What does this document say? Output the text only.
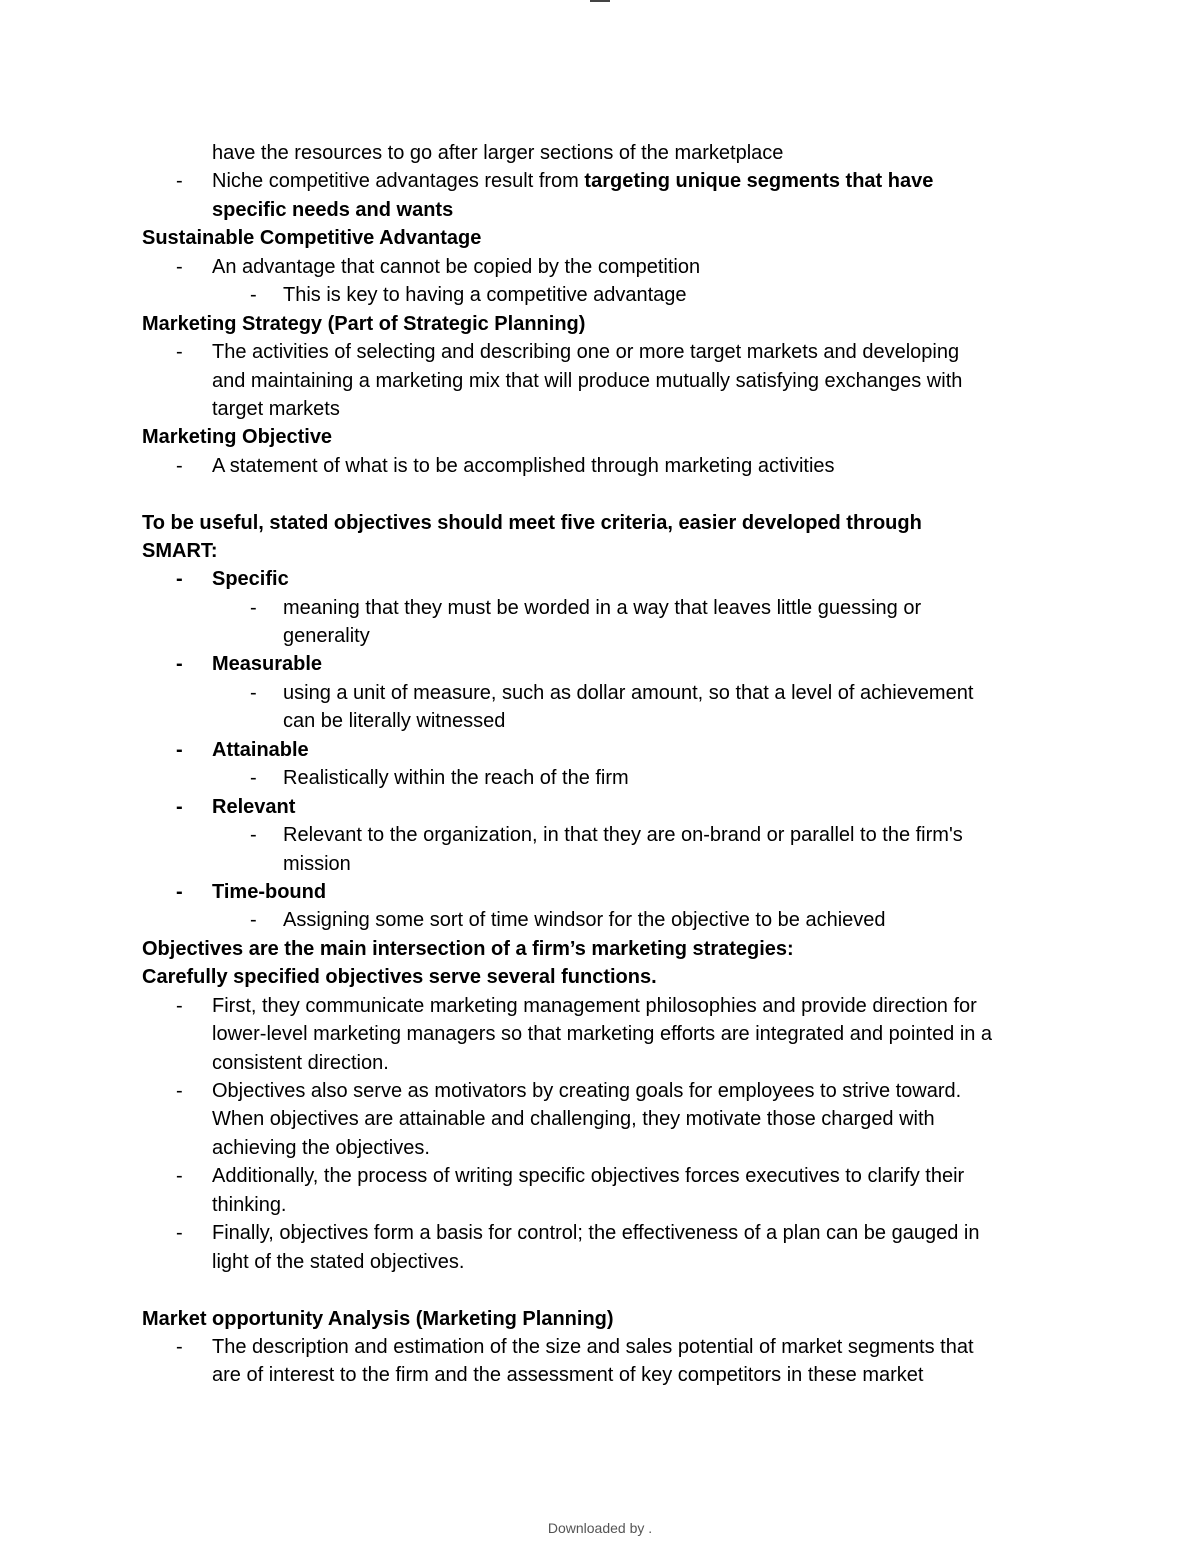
have the resources to go after larger sections of the marketplace
- Niche competitive advantages result from targeting unique segments that have
specific needs and wants
Sustainable Competitive Advantage
- An advantage that cannot be copied by the competition
- This is key to having a competitive advantage
Marketing Strategy (Part of Strategic Planning)
- The activities of selecting and describing one or more target markets and developing
and maintaining a marketing mix that will produce mutually satisfying exchanges with
target markets
Marketing Objective
- A statement of what is to be accomplished through marketing activities
To be useful, stated objectives should meet five criteria, easier developed through
SMART:
- Specific
- meaning that they must be worded in a way that leaves little guessing or
generality
- Measurable
- using a unit of measure, such as dollar amount, so that a level of achievement
can be literally witnessed
- Attainable
- Realistically within the reach of the firm
- Relevant
- Relevant to the organization, in that they are on-brand or parallel to the firm's
mission
- Time-bound
- Assigning some sort of time windsor for the objective to be achieved
Objectives are the main intersection of a firm’s marketing strategies:
Carefully specified objectives serve several functions.
- First, they communicate marketing management philosophies and provide direction for
lower-level marketing managers so that marketing efforts are integrated and pointed in a
consistent direction.
- Objectives also serve as motivators by creating goals for employees to strive toward.
When objectives are attainable and challenging, they motivate those charged with
achieving the objectives.
- Additionally, the process of writing specific objectives forces executives to clarify their
thinking.
- Finally, objectives form a basis for control; the effectiveness of a plan can be gauged in
light of the stated objectives.
Market opportunity Analysis (Marketing Planning)
- The description and estimation of the size and sales potential of market segments that
are of interest to the firm and the assessment of key competitors in these market
Downloaded by .
